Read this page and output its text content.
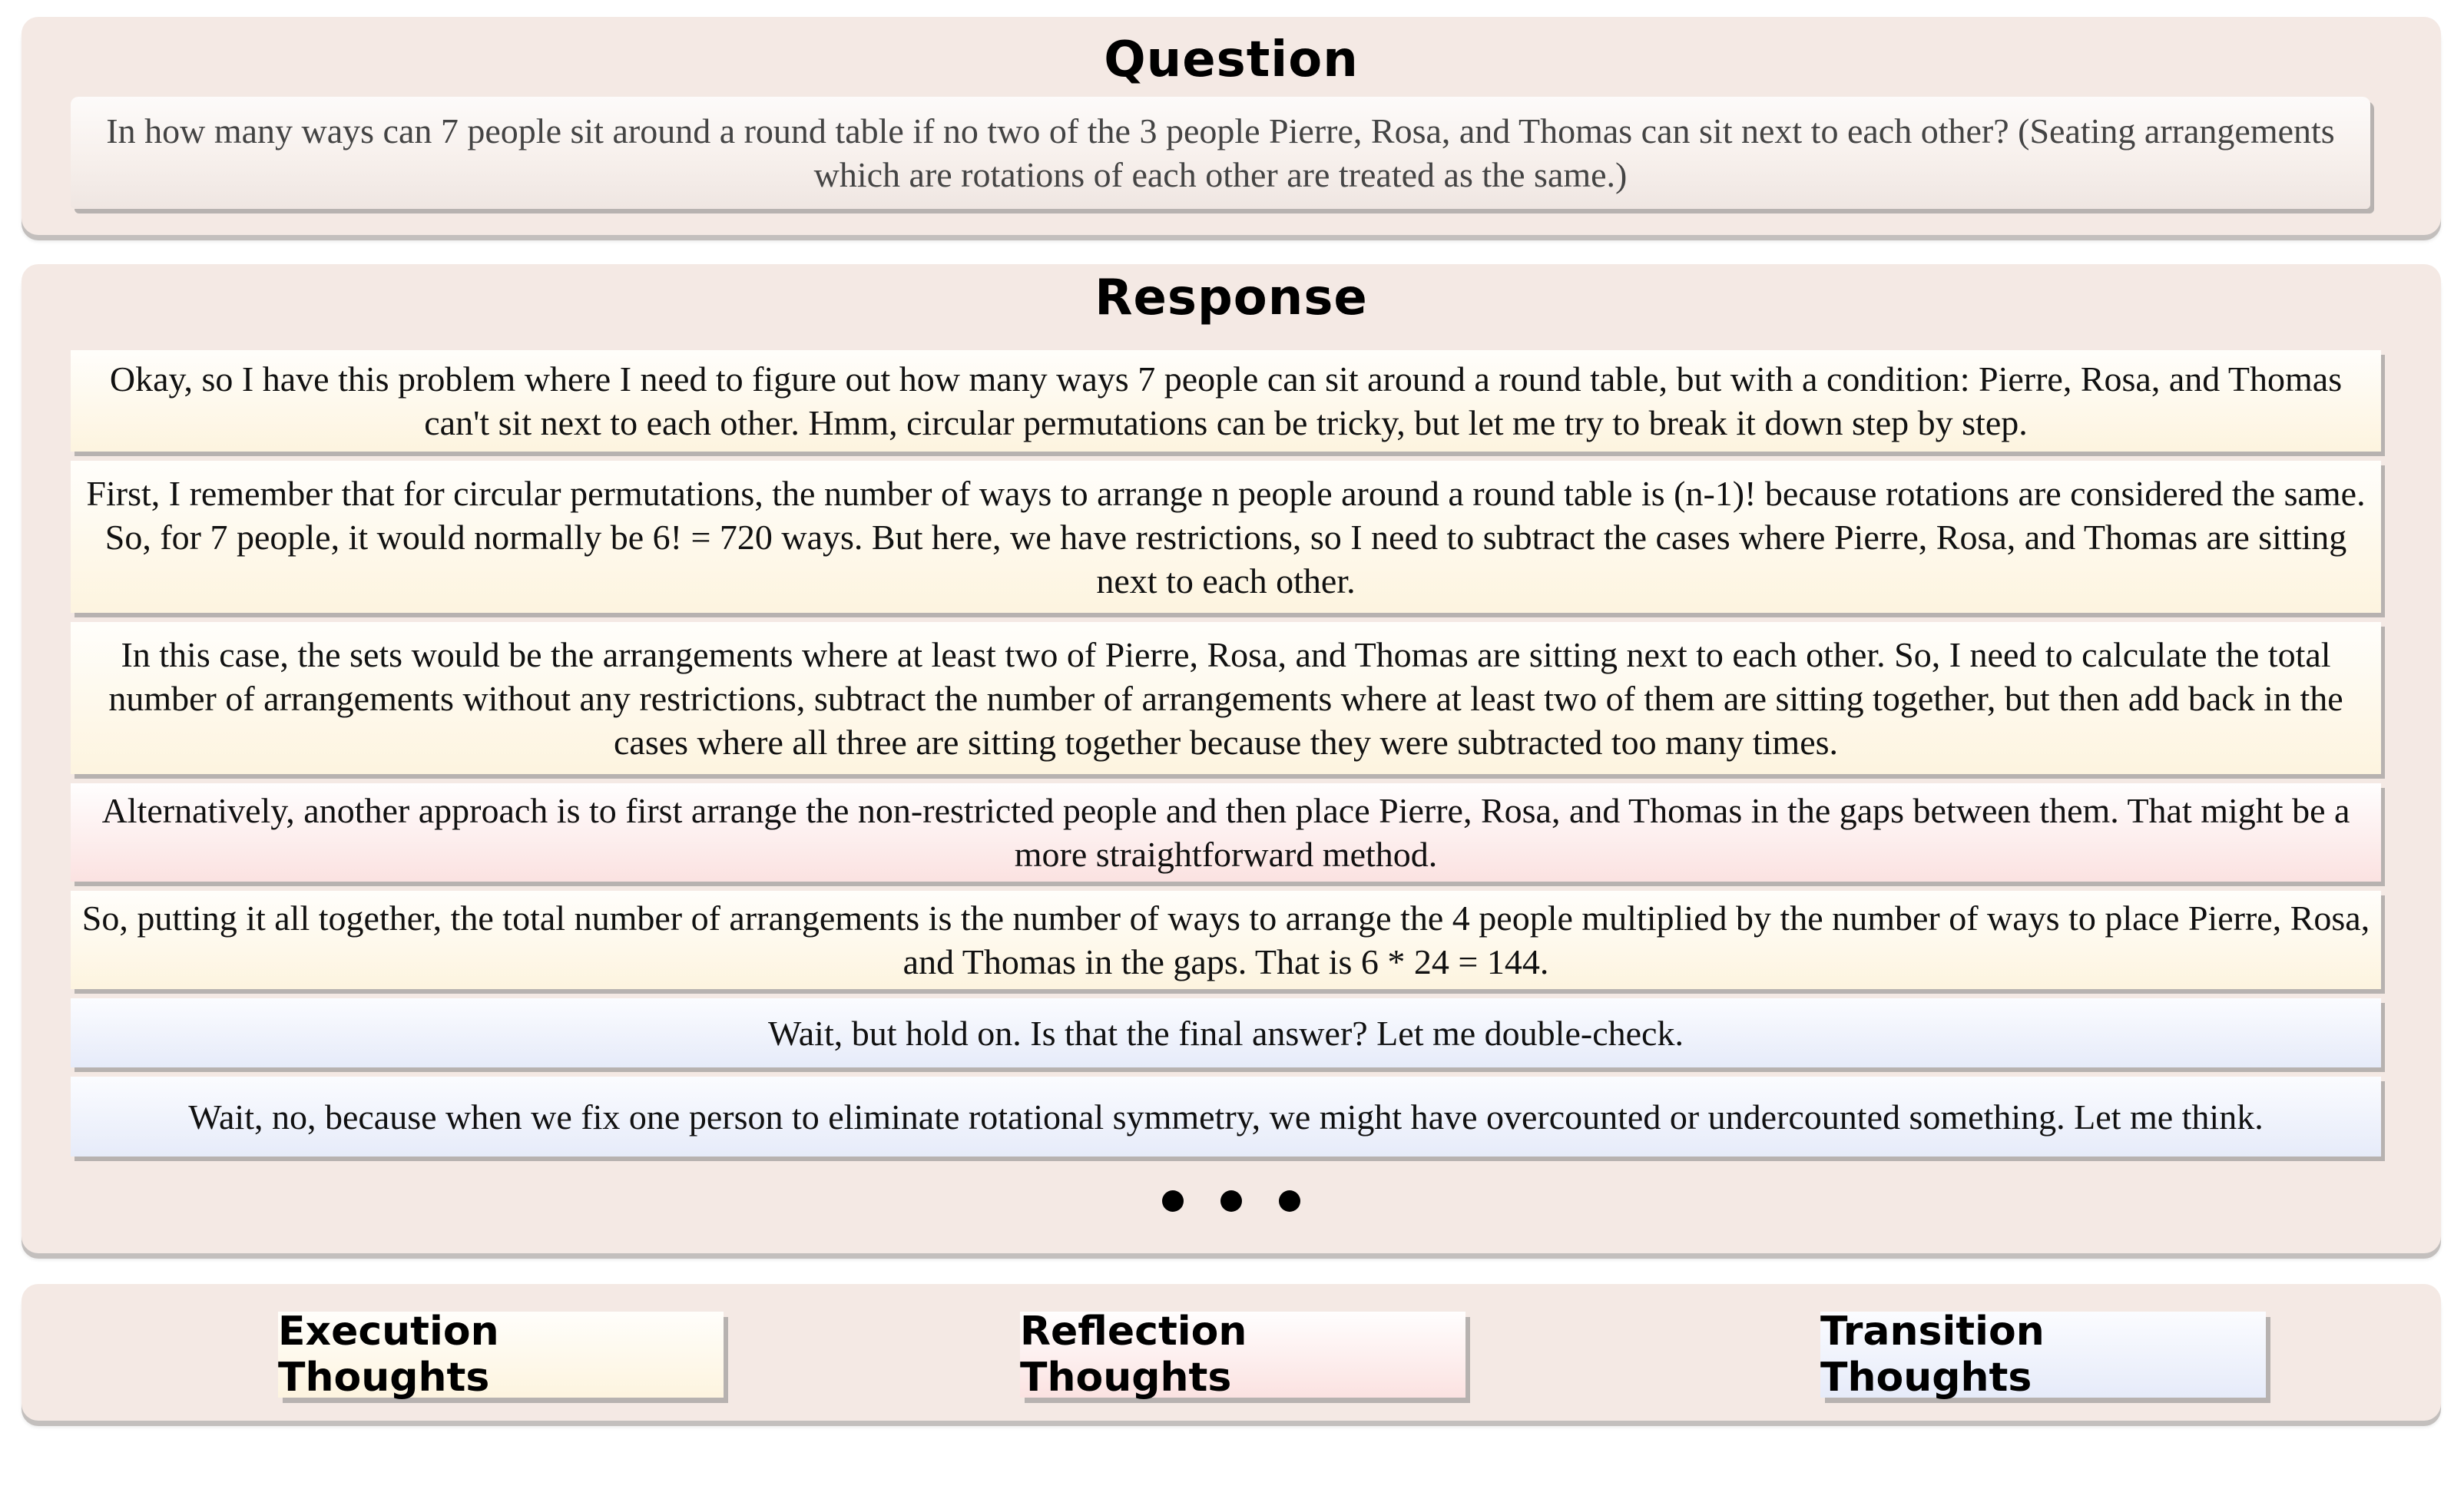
Question
In how many ways can 7 people sit around a round table if no two of the 3 people Pierre, Rosa, and Thomas can sit next to each other? (Seating arrangements which are rotations of each other are treated as the same.)
Response
Okay, so I have this problem where I need to figure out how many ways 7 people can sit around a round table, but with a condition: Pierre, Rosa, and Thomas can't sit next to each other. Hmm, circular permutations can be tricky, but let me try to break it down step by step.
First, I remember that for circular permutations, the number of ways to arrange n people around a round table is (n-1)! because rotations are considered the same. So, for 7 people, it would normally be 6! = 720 ways. But here, we have restrictions, so I need to subtract the cases where Pierre, Rosa, and Thomas are sitting next to each other.
In this case, the sets would be the arrangements where at least two of Pierre, Rosa, and Thomas are sitting next to each other. So, I need to calculate the total number of arrangements without any restrictions, subtract the number of arrangements where at least two of them are sitting together, but then add back in the cases where all three are sitting together because they were subtracted too many times.
Alternatively, another approach is to first arrange the non-restricted people and then place Pierre, Rosa, and Thomas in the gaps between them. That might be a more straightforward method.
So, putting it all together, the total number of arrangements is the number of ways to arrange the 4 people multiplied by the number of ways to place Pierre, Rosa, and Thomas in the gaps. That is 6 * 24 = 144.
Wait, but hold on. Is that the final answer? Let me double-check.
Wait, no, because when we fix one person to eliminate rotational symmetry, we might have overcounted or undercounted something. Let me think.
Execution Thoughts
Reflection Thoughts
Transition Thoughts
